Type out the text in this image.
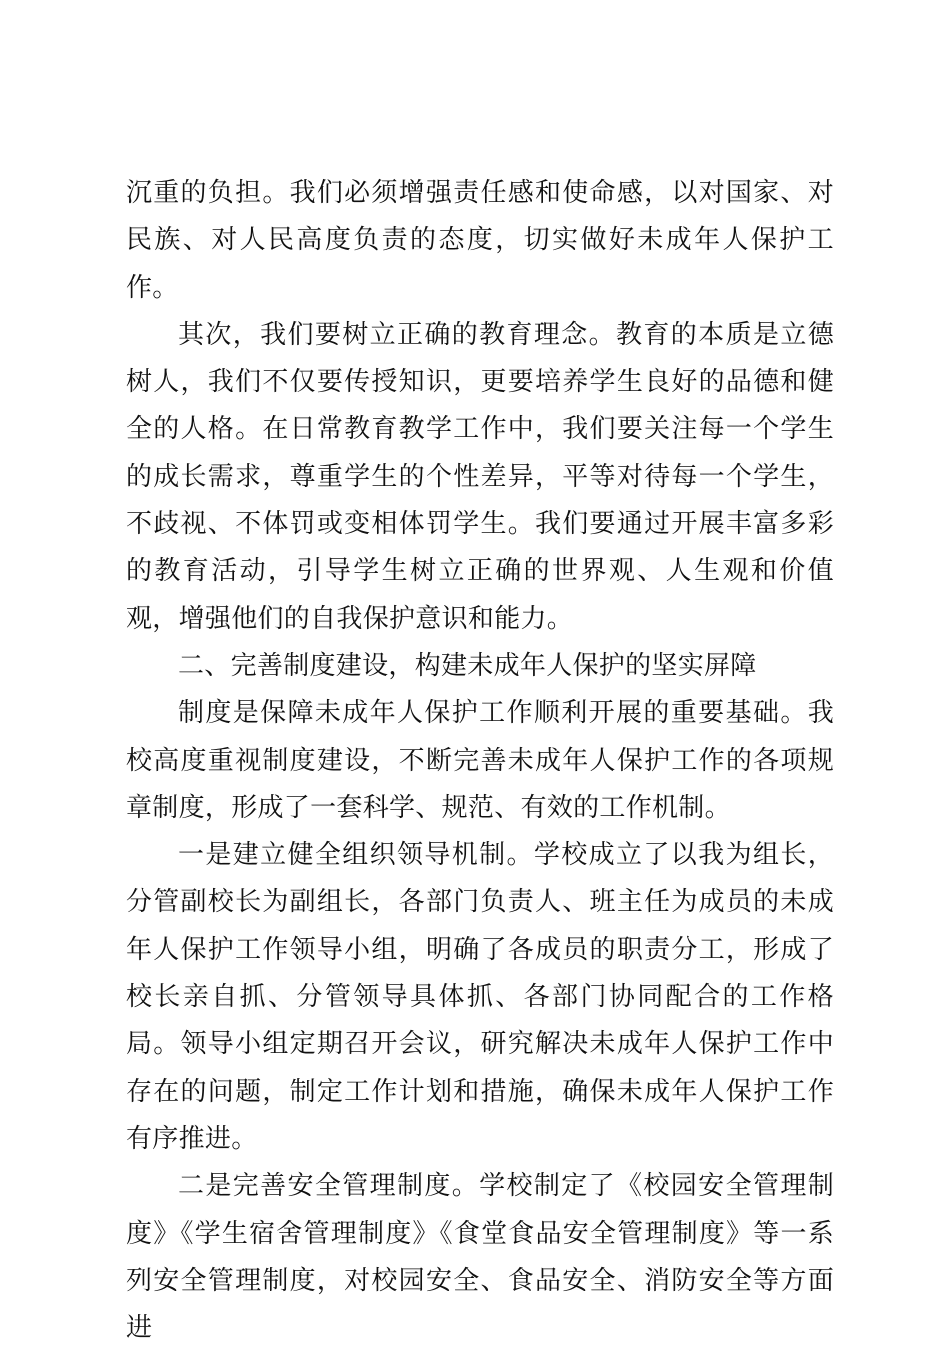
沉重的负担。我们必须增强责任感和使命感，以对国家、对民族、对人民高度负责的态度，切实做好未成年人保护工作。

其次，我们要树立正确的教育理念。教育的本质是立德树人，我们不仅要传授知识，更要培养学生良好的品德和健全的人格。在日常教育教学工作中，我们要关注每一个学生的成长需求，尊重学生的个性差异，平等对待每一个学生，不歧视、不体罚或变相体罚学生。我们要通过开展丰富多彩的教育活动，引导学生树立正确的世界观、人生观和价值观，增强他们的自我保护意识和能力。

二、完善制度建设，构建未成年人保护的坚实屏障

制度是保障未成年人保护工作顺利开展的重要基础。我校高度重视制度建设，不断完善未成年人保护工作的各项规章制度，形成了一套科学、规范、有效的工作机制。

一是建立健全组织领导机制。学校成立了以我为组长，分管副校长为副组长，各部门负责人、班主任为成员的未成年人保护工作领导小组，明确了各成员的职责分工，形成了校长亲自抓、分管领导具体抓、各部门协同配合的工作格局。领导小组定期召开会议，研究解决未成年人保护工作中存在的问题，制定工作计划和措施，确保未成年人保护工作有序推进。

二是完善安全管理制度。学校制定了《校园安全管理制度》《学生宿舍管理制度》《食堂食品安全管理制度》等一系列安全管理制度，对校园安全、食品安全、消防安全等方面进
